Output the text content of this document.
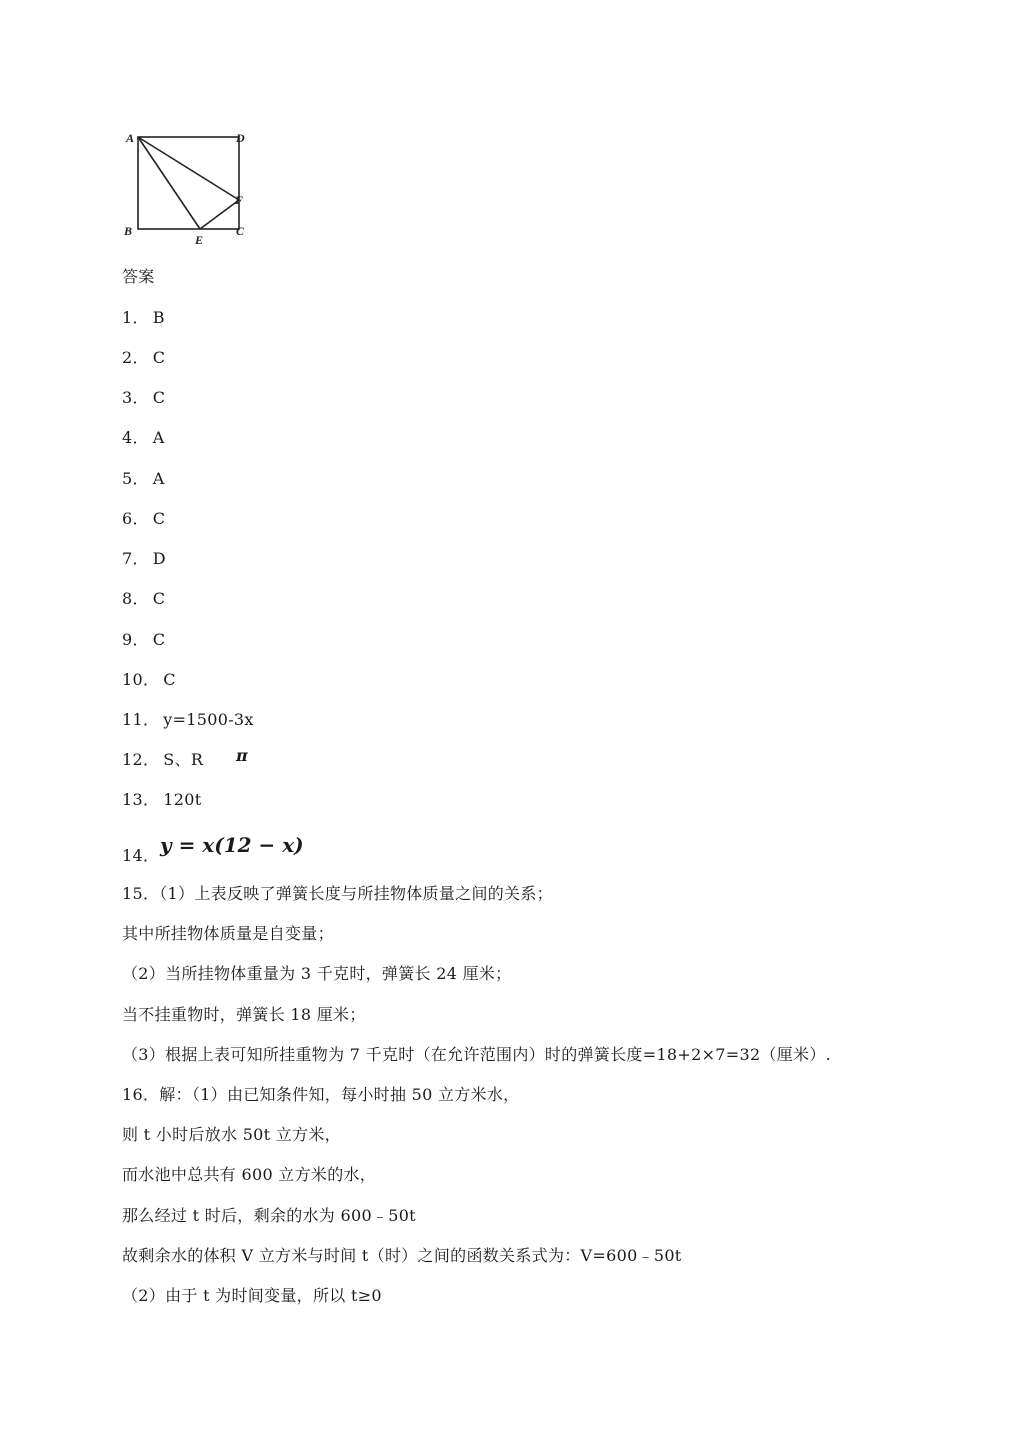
A	D
F
B	C
E
答案
1． B
2． C
3． C
4． A
5． A
6． C
7． D
8． C
9． C
10． C
11． y=1500-3x
12． S、R π
13． 120t
14． y = x(12 − x)
15．（1）上表反映了弹簧长度与所挂物体质量之间的关系；
其中所挂物体质量是自变量；
（2）当所挂物体重量为 3 千克时，弹簧长 24 厘米；
当不挂重物时，弹簧长 18 厘米；
（3）根据上表可知所挂重物为 7 千克时（在允许范围内）时的弹簧长度=18+2×7=32（厘米）.
16．解：（1）由已知条件知，每小时抽 50 立方米水，
则 t 小时后放水 50t 立方米，
而水池中总共有 600 立方米的水，
那么经过 t 时后，剩余的水为 600﹣50t
故剩余水的体积 V 立方米与时间 t（时）之间的函数关系式为：V=600﹣50t
（2）由于 t 为时间变量，所以 t≥0
